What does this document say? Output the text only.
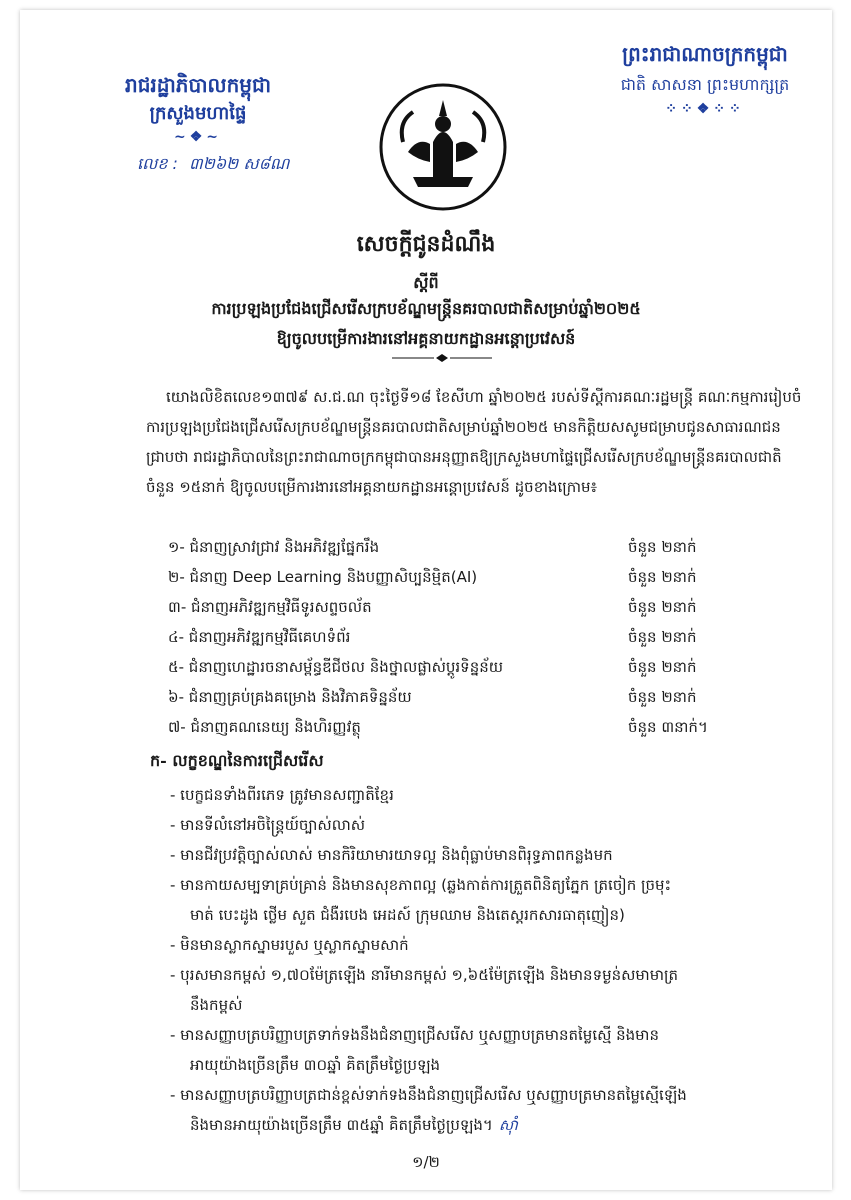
ព្រះរាជាណាចក្រកម្ពុជា
ជាតិ សាសនា ព្រះមហាក្សត្រ
⁘⁘❖⁘⁘
រាជរដ្ឋាភិបាលកម្ពុជា
ក្រសួងមហាផ្ទៃ
~❖~
លេខ : ៣២៦២ ស៨ណ
សេចក្តីជូនដំណឹង
ស្តីពី
ការប្រឡងប្រជែងជ្រើសរើសក្របខ័ណ្ឌមន្ត្រីនគរបាលជាតិសម្រាប់ឆ្នាំ២០២៥
ឱ្យចូលបម្រើការងារនៅអគ្គនាយកដ្ឋានអន្តោប្រវេសន៍
យោងលិខិតលេខ១៣៧៩ ស.ជ.ណ ចុះថ្ងៃទី១៨ ខែសីហា ឆ្នាំ២០២៥ របស់ទីស្តីការគណៈរដ្ឋមន្ត្រី គណៈកម្មការរៀបចំការប្រឡងប្រជែងជ្រើសរើសក្របខ័ណ្ឌមន្ត្រីនគរបាលជាតិសម្រាប់ឆ្នាំ២០២៥ មានកិត្តិយសសូមជម្រាបជូនសាធារណជនជ្រាបថា រាជរដ្ឋាភិបាលនៃព្រះរាជាណាចក្រកម្ពុជាបានអនុញ្ញាតឱ្យក្រសួងមហាផ្ទៃជ្រើសរើសក្របខ័ណ្ឌមន្ត្រីនគរបាលជាតិ ចំនួន ១៥នាក់ ឱ្យចូលបម្រើការងារនៅអគ្គនាយកដ្ឋានអន្តោប្រវេសន៍ ដូចខាងក្រោម៖
១- ជំនាញស្រាវជ្រាវ និងអភិវឌ្ឍផ្នែករឹង	ចំនួន ២នាក់
២- ជំនាញ Deep Learning និងបញ្ញាសិប្បនិម្មិត(AI)	ចំនួន ២នាក់
៣- ជំនាញអភិវឌ្ឍកម្មវិធីទូរសព្ទចល័ត	ចំនួន ២នាក់
៤- ជំនាញអភិវឌ្ឍកម្មវិធីគេហទំព័រ	ចំនួន ២នាក់
៥- ជំនាញហេដ្ឋារចនាសម្ព័ន្ធឌីជីថល និងថ្នាលផ្លាស់ប្តូរទិន្នន័យ	ចំនួន ២នាក់
៦- ជំនាញគ្រប់គ្រងគម្រោង និងវិភាគទិន្នន័យ	ចំនួន ២នាក់
៧- ជំនាញគណនេយ្យ និងហិរញ្ញវត្ថុ	ចំនួន ៣នាក់។
ក- លក្ខខណ្ឌនៃការជ្រើសរើស
- បេក្ខជនទាំងពីរភេទ ត្រូវមានសញ្ជាតិខ្មែរ
- មានទីលំនៅអចិន្ត្រៃយ៍ច្បាស់លាស់
- មានជីវប្រវត្តិច្បាស់លាស់ មានកិរិយាមារយាទល្អ និងពុំធ្លាប់មានពិរុទ្ធភាពកន្លងមក
- មានកាយសម្បទាគ្រប់គ្រាន់ និងមានសុខភាពល្អ (ឆ្លងកាត់ការត្រួតពិនិត្យភ្នែក ត្រចៀក ច្រមុះ
មាត់ បេះដូង ថ្លើម សួត ជំងឺរបេង អេដស៍ ក្រុមឈាម និងតេស្តរកសារធាតុញៀន)
- មិនមានស្លាកស្នាមរបួស ឬស្លាកស្នាមសាក់
- បុរសមានកម្ពស់ ១,៧០ម៉ែត្រឡើង នារីមានកម្ពស់ ១,៦៥ម៉ែត្រឡើង និងមានទម្ងន់សមាមាត្រ
នឹងកម្ពស់
- មានសញ្ញាបត្របរិញ្ញាបត្រទាក់ទងនឹងជំនាញជ្រើសរើស ឬសញ្ញាបត្រមានតម្លៃស្មើ និងមាន
អាយុយ៉ាងច្រើនត្រឹម ៣០ឆ្នាំ គិតត្រឹមថ្ងៃប្រឡង
- មានសញ្ញាបត្របរិញ្ញាបត្រជាន់ខ្ពស់ទាក់ទងនឹងជំនាញជ្រើសរើស ឬសញ្ញាបត្រមានតម្លៃស្មើឡើង
និងមានអាយុយ៉ាងច្រើនត្រឹម ៣៥ឆ្នាំ គិតត្រឹមថ្ងៃប្រឡង។ ស៊ាំ
១/២
